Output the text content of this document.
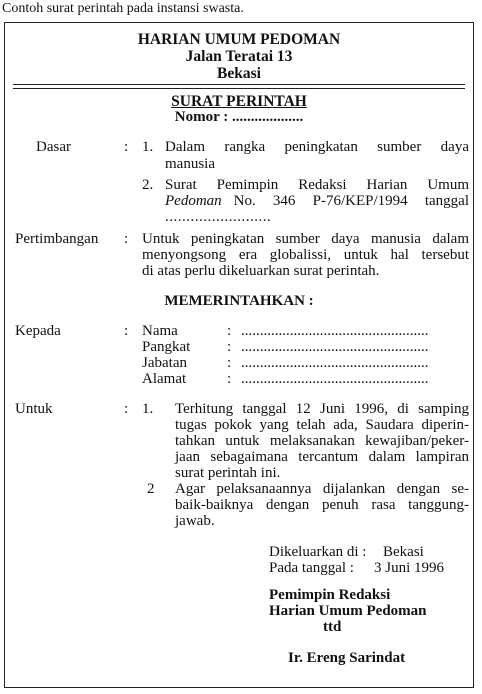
Contoh surat perintah pada instansi swasta.
HARIAN UMUM PEDOMAN
Jalan Teratai 13
Bekasi
SURAT PERINTAH
Nomor : ...................
Dasar	: 1. Dalam rangka peningkatan sumber daya
manusia
2. Surat Pemimpin Redaksi Harian Umum
Pedoman No. 346 P-76/KEP/1994 tanggal
.........................
Pertimbangan : Untuk peningkatan sumber daya manusia dalam
menyongsong era globalissi, untuk hal tersebut
di atas perlu dikeluarkan surat perintah.
MEMERINTAHKAN :
Kepada	: Nama	: ..................................................
Pangkat : ..................................................
Jabatan	: ..................................................
Alamat	: ..................................................
Untuk	: 1. Terhitung tanggal 12 Juni 1996, di samping
tugas pokok yang telah ada, Saudara diperin-
tahkan untuk melaksanakan kewajiban/peker-
jaan sebagaimana tercantum dalam lampiran
surat perintah ini.
2 Agar pelaksanaannya dijalankan dengan se-
baik-baiknya dengan penuh rasa tanggung-
jawab.
Dikeluarkan di : Bekasi
Pada tanggal : 3 Juni 1996
Pemimpin Redaksi
Harian Umum Pedoman
ttd
Ir. Ereng Sarindat
